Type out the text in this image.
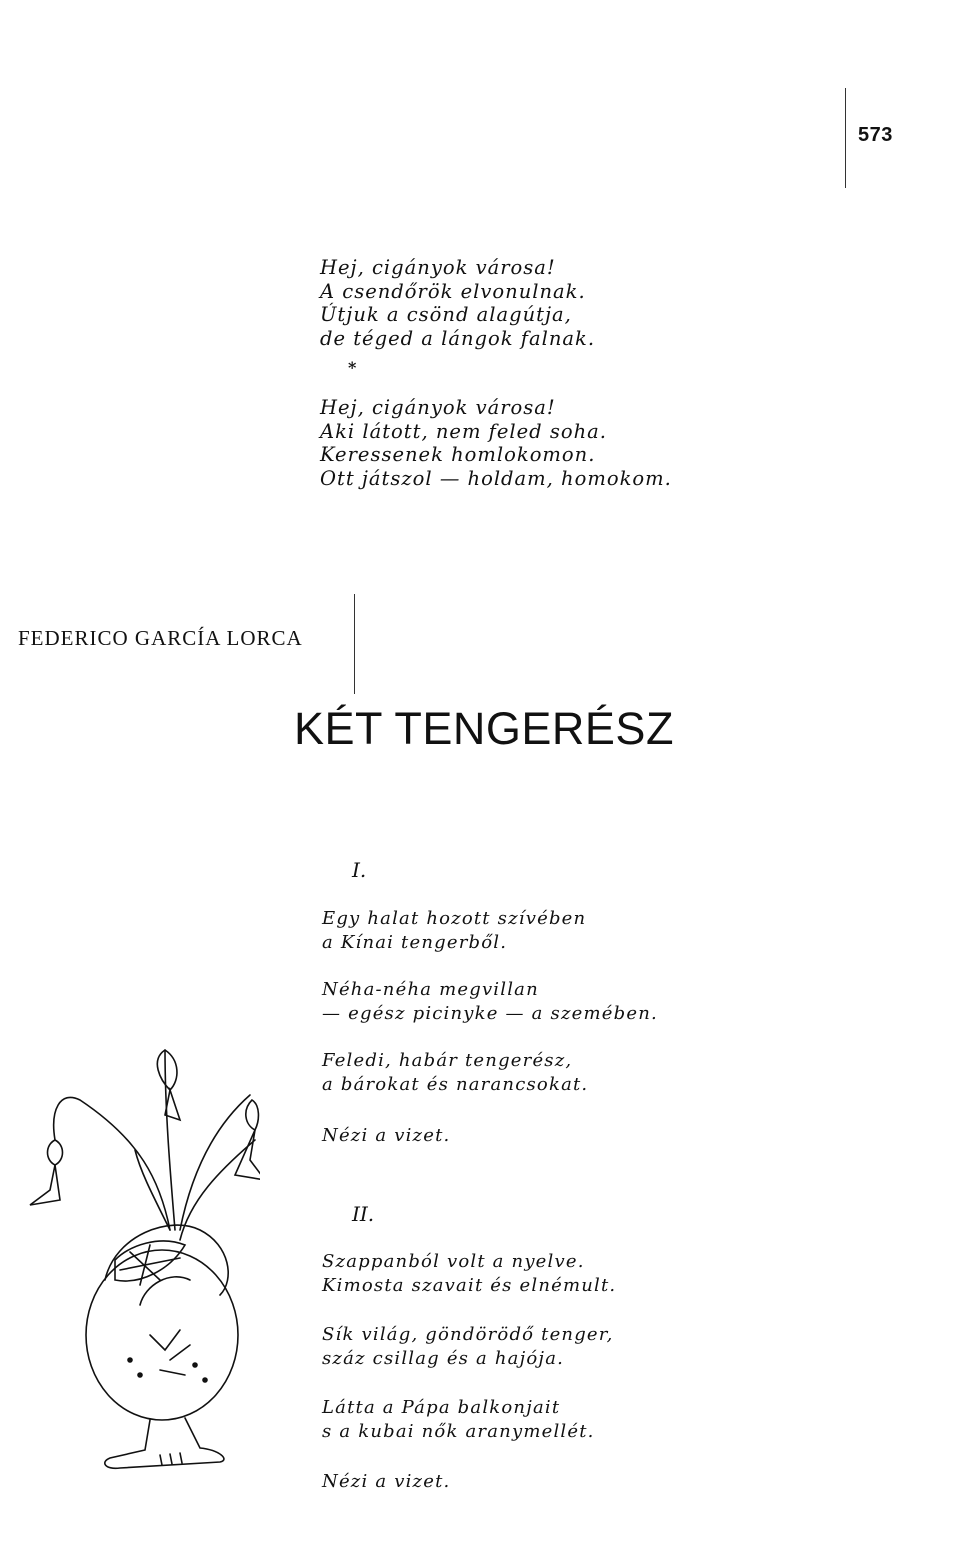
573
Hej, cigányok városa!
A csendőrök elvonulnak.
Útjuk a csönd alagútja,
de téged a lángok falnak.
*
Hej, cigányok városa!
Aki látott, nem feled soha.
Keressenek homlokomon.
Ott játszol — holdam, homokom.
FEDERICO GARCÍA LORCA
KÉT TENGERÉSZ
I.
Egy halat hozott szívében
a Kínai tengerből.
Néha-néha megvillan
— egész picinyke — a szemében.
Feledi, habár tengerész,
a bárokat és narancsokat.
Nézi a vizet.
II.
Szappanból volt a nyelve.
Kimosta szavait és elnémult.
Sík világ, göndörödő tenger,
száz csillag és a hajója.
Látta a Pápa balkonjait
s a kubai nők aranymellét.
Nézi a vizet.
